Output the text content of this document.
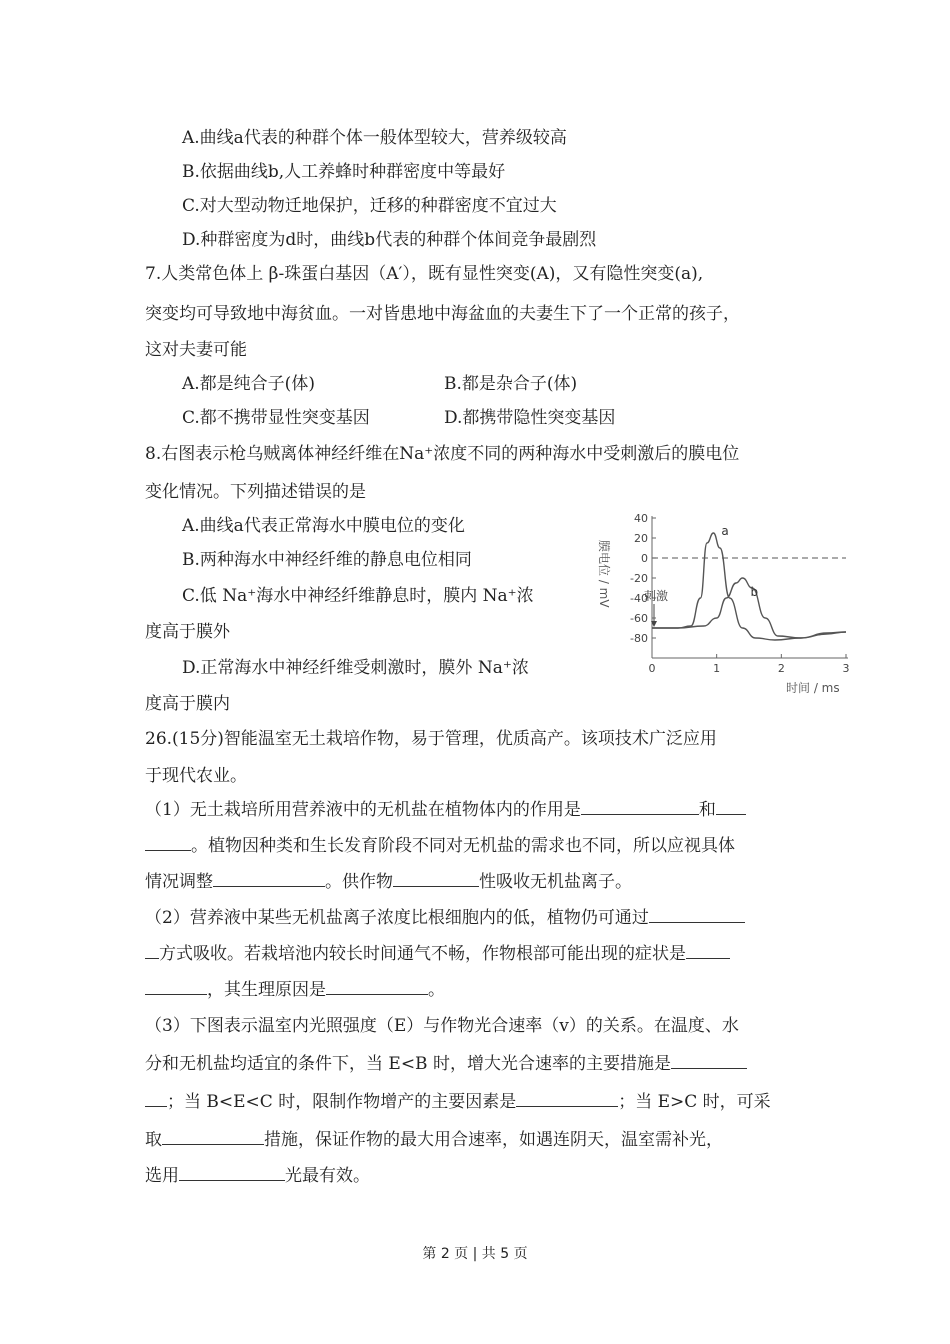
A.曲线a代表的种群个体一般体型较大，营养级较高
B.依据曲线b,人工养蜂时种群密度中等最好
C.对大型动物迁地保护，迁移的种群密度不宜过大
D.种群密度为d时，曲线b代表的种群个体间竞争最剧烈
7.人类常色体上 β-珠蛋白基因（A′），既有显性突变(A)，又有隐性突变(a),
突变均可导致地中海贫血。一对皆患地中海盆血的夫妻生下了一个正常的孩子，
这对夫妻可能
A.都是纯合子(体)	B.都是杂合子(体)
C.都不携带显性突变基因	D.都携带隐性突变基因
8.右图表示枪乌贼离体神经纤维在Na⁺浓度不同的两种海水中受刺激后的膜电位
变化情况。下列描述错误的是
A.曲线a代表正常海水中膜电位的变化
B.两种海水中神经纤维的静息电位相同
C.低 Na⁺海水中神经纤维静息时，膜内 Na⁺浓
度高于膜外
D.正常海水中神经纤维受刺激时，膜外 Na⁺浓
度高于膜内
40
20
0
-20
-40
-60
-80
0	1	2	3
a
b
膜电位 / mV
时间 / ms
刺激
26.(15分)智能温室无土栽培作物，易于管理，优质高产。该项技术广泛应用
于现代农业。
（1）无土栽培所用营养液中的无机盐在植物体内的作用是	和
。植物因种类和生长发育阶段不同对无机盐的需求也不同，所以应视具体
情况调整	。供作物	性吸收无机盐离子。
（2）营养液中某些无机盐离子浓度比根细胞内的低，植物仍可通过
方式吸收。若栽培池内较长时间通气不畅，作物根部可能出现的症状是
，其生理原因是	。
（3）下图表示温室内光照强度（E）与作物光合速率（v）的关系。在温度、水
分和无机盐均适宜的条件下，当 E<B 时，增大光合速率的主要措施是
；当 B<E<C 时，限制作物增产的主要因素是	；当 E>C 时，可采
取	措施，保证作物的最大用合速率，如遇连阴天，温室需补光，
选用	光最有效。
第 2 页 | 共 5 页
